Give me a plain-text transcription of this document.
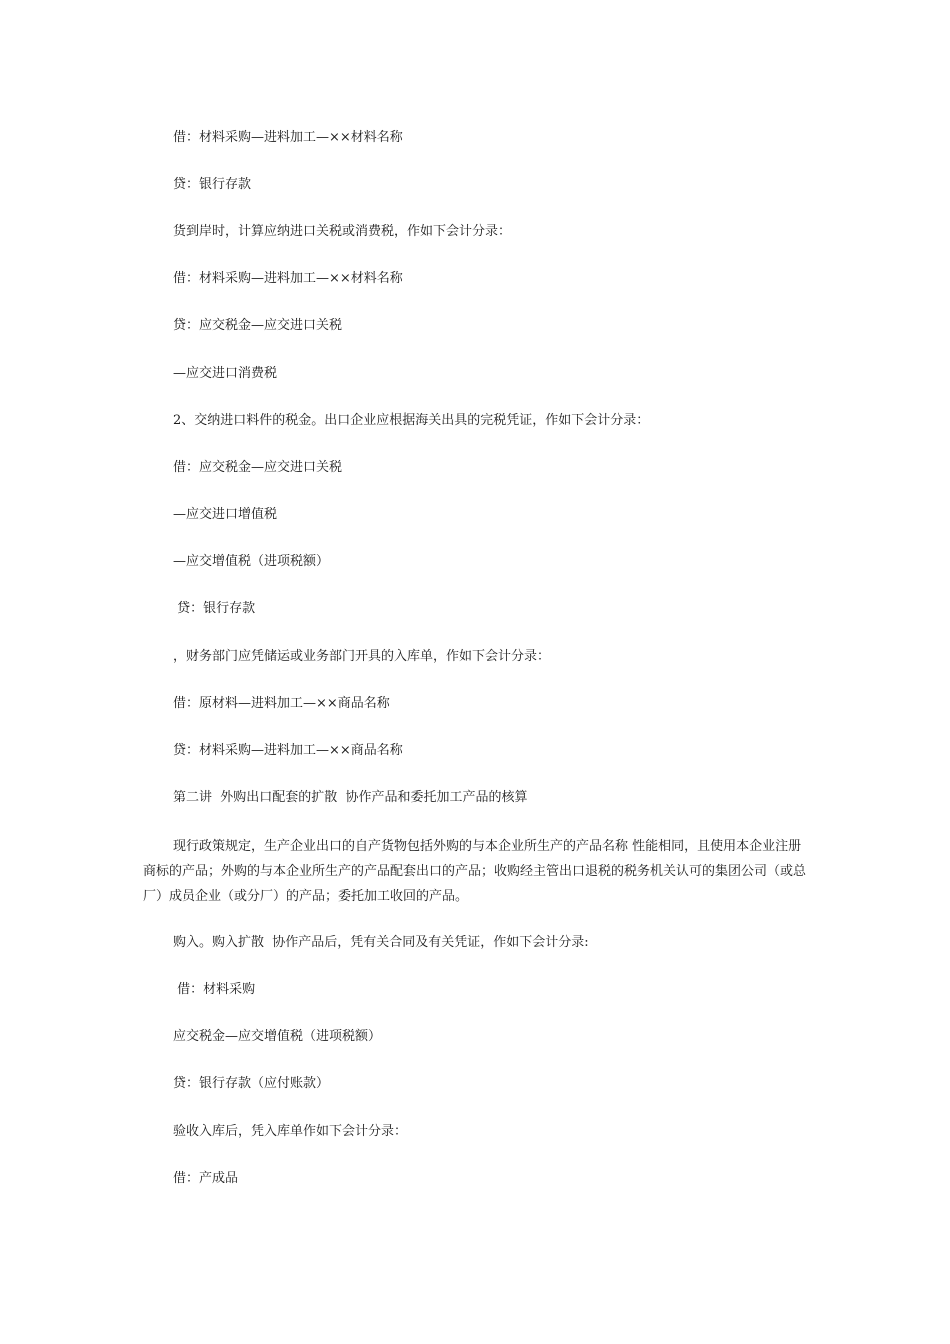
借：材料采购—进料加工—××材料名称
贷：银行存款
货到岸时，计算应纳进口关税或消费税，作如下会计分录：
借：材料采购—进料加工—××材料名称
贷：应交税金—应交进口关税
—应交进口消费税
2、交纳进口料件的税金。出口企业应根据海关出具的完税凭证，作如下会计分录：
借：应交税金—应交进口关税
—应交进口增值税
—应交增值税（进项税额）
贷：银行存款
，财务部门应凭储运或业务部门开具的入库单，作如下会计分录：
借：原材料—进料加工—××商品名称
贷：材料采购—进料加工—××商品名称
第二讲  外购出口配套的扩散  协作产品和委托加工产品的核算
现行政策规定，生产企业出口的自产货物包括外购的与本企业所生产的产品名称 性能相同，且使用本企业注册商标的产品；外购的与本企业所生产的产品配套出口的产品；收购经主管出口退税的税务机关认可的集团公司（或总厂）成员企业（或分厂）的产品；委托加工收回的产品。
购入。购入扩散  协作产品后，凭有关合同及有关凭证，作如下会计分录:
借：材料采购
应交税金—应交增值税（进项税额）
贷：银行存款（应付账款）
验收入库后，凭入库单作如下会计分录：
借：产成品
